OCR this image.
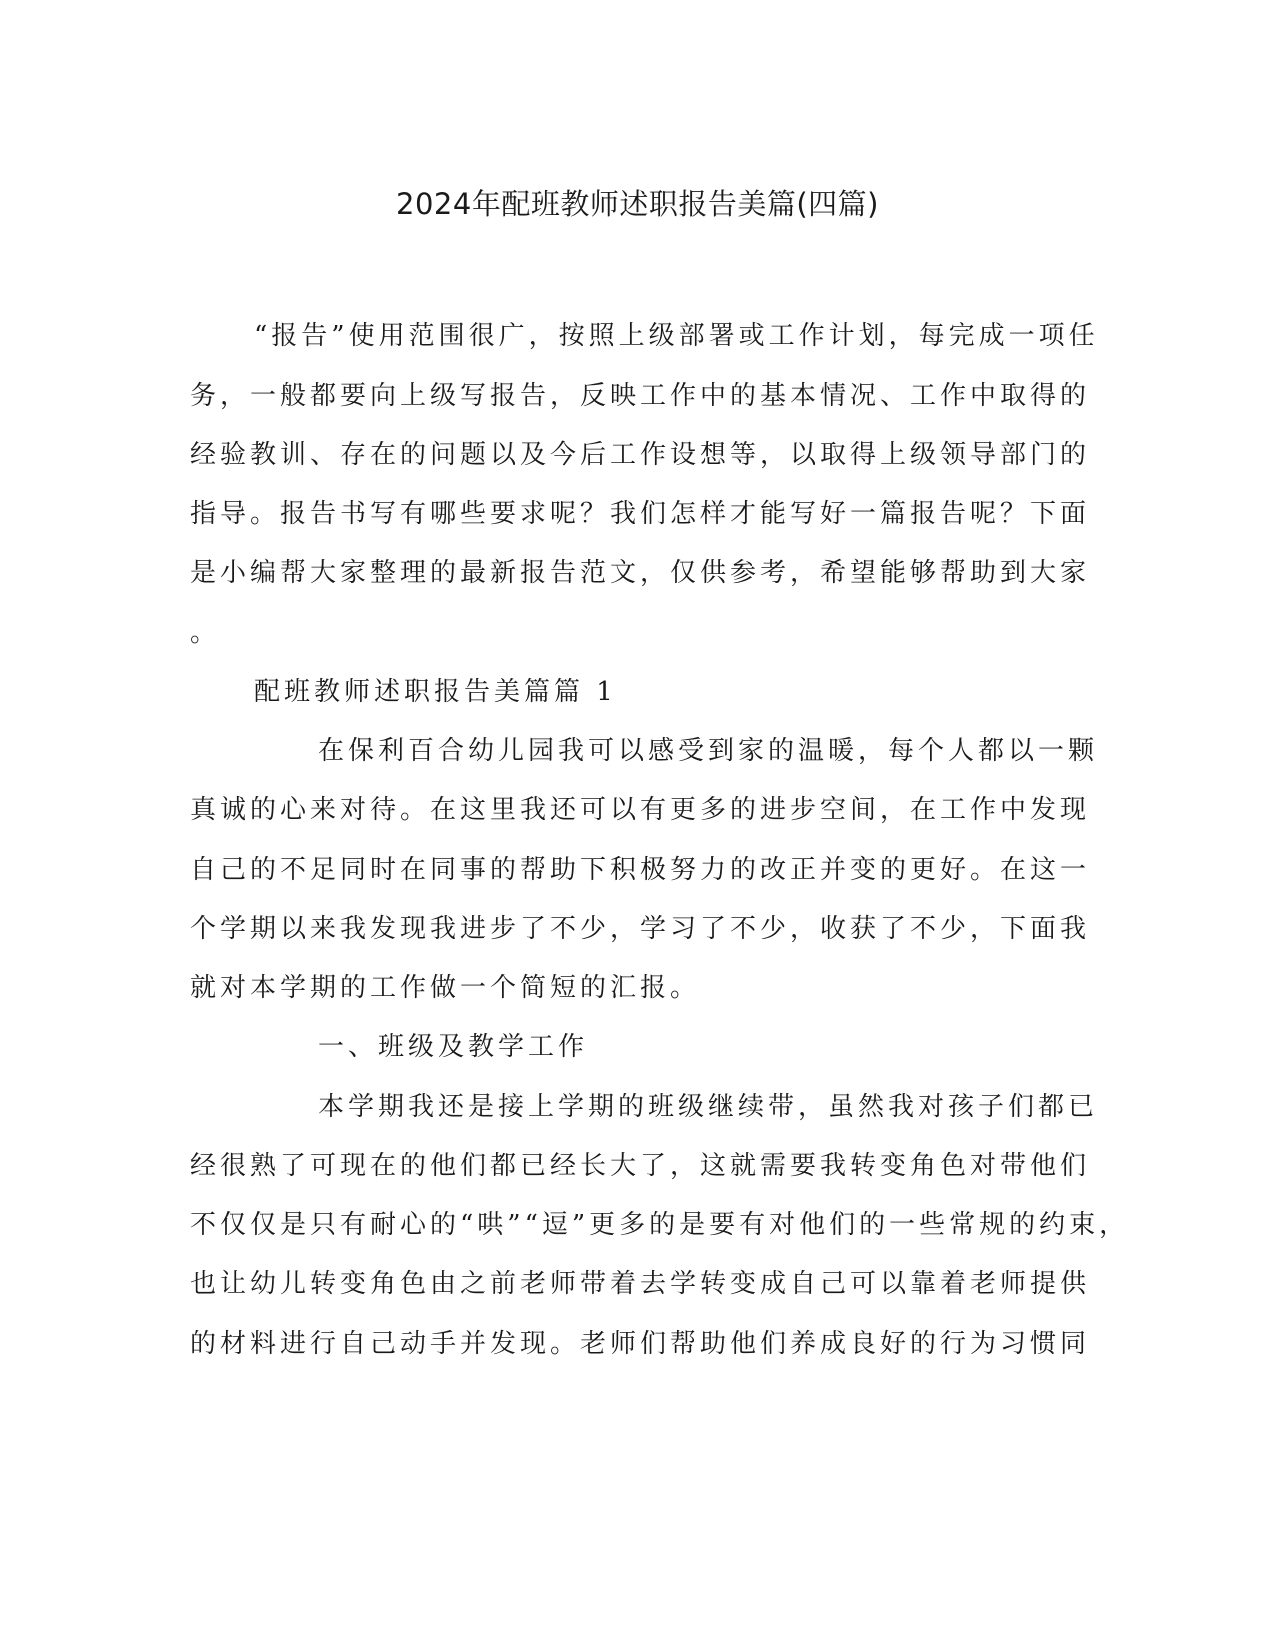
2024年配班教师述职报告美篇(四篇)
“报告”使用范围很广，按照上级部署或工作计划，每完成一项任
务，一般都要向上级写报告，反映工作中的基本情况、工作中取得的
经验教训、存在的问题以及今后工作设想等，以取得上级领导部门的
指导。报告书写有哪些要求呢？我们怎样才能写好一篇报告呢？下面
是小编帮大家整理的最新报告范文，仅供参考，希望能够帮助到大家
。
配班教师述职报告美篇篇 1
在保利百合幼儿园我可以感受到家的温暖，每个人都以一颗
真诚的心来对待。在这里我还可以有更多的进步空间，在工作中发现
自己的不足同时在同事的帮助下积极努力的改正并变的更好。在这一
个学期以来我发现我进步了不少，学习了不少，收获了不少，下面我
就对本学期的工作做一个简短的汇报。
一、班级及教学工作
本学期我还是接上学期的班级继续带，虽然我对孩子们都已
经很熟了可现在的他们都已经长大了，这就需要我转变角色对带他们
不仅仅是只有耐心的“哄”“逗”更多的是要有对他们的一些常规的约束，
也让幼儿转变角色由之前老师带着去学转变成自己可以靠着老师提供
的材料进行自己动手并发现。老师们帮助他们养成良好的行为习惯同
